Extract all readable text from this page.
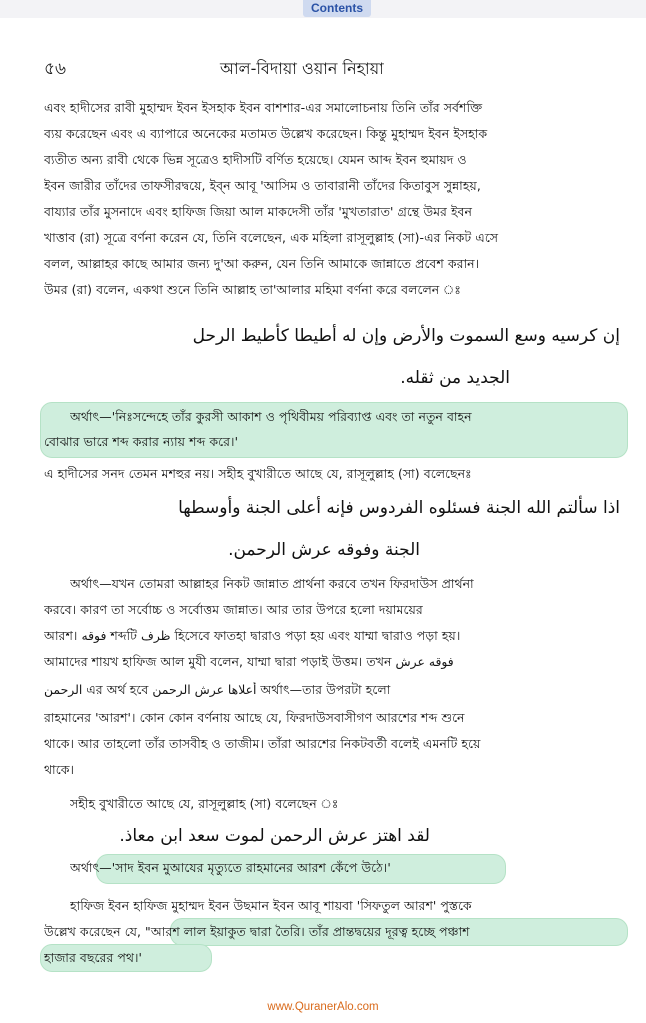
Contents
৫৬	আল-বিদায়া ওয়ান নিহায়া
এবং হাদীসের রাবী মুহাম্মদ ইবন ইসহাক ইবন বাশশার-এর সমালোচনায় তিনি তাঁর সর্বশক্তি
ব্যয় করেছেন এবং এ ব্যাপারে অনেকের মতামত উল্লেখ করেছেন। কিন্তু মুহাম্মদ ইবন ইসহাক
ব্যতীত অন্য রাবী থেকে ভিন্ন সূত্রেও হাদীসটি বর্ণিত হয়েছে। যেমন আব্দ ইবন হুমায়দ ও
ইবন জারীর তাঁদের তাফসীরদ্বয়ে, ইব্ন আবূ 'আসিম ও তাবারানী তাঁদের কিতাবুস সুন্নাহয়,
বায্যার তাঁর মুসনাদে এবং হাফিজ জিয়া আল মাকদেসী তাঁর 'মুখতারাত' গ্রন্থে উমর ইবন
খাত্তাব (রা) সূত্রে বর্ণনা করেন যে, তিনি বলেছেন, এক মহিলা রাসূলুল্লাহ (সা)-এর নিকট এসে
বলল, আল্লাহর কাছে আমার জন্য দু'আ করুন, যেন তিনি আমাকে জান্নাতে প্রবেশ করান।
উমর (রা) বলেন, একথা শুনে তিনি আল্লাহ তা'আলার মহিমা বর্ণনা করে বললেন ঃ
إن كرسيه وسع السموت والأرض وإن له أطيطا كأطيط الرحل
الجديد من ثقله.
অর্থাৎ—'নিঃসন্দেহে তাঁর কুরসী আকাশ ও পৃথিবীময় পরিব্যাপ্ত এবং তা নতুন বাহন
বোঝার ভারে শব্দ করার ন্যায় শব্দ করে।'
এ হাদীসের সনদ তেমন মশহুর নয়। সহীহ বুখারীতে আছে যে, রাসূলুল্লাহ (সা) বলেছেনঃ
اذا سألتم الله الجنة فسئلوه الفردوس فإنه أعلى الجنة وأوسطها
الجنة وفوقه عرش الرحمن.
অর্থাৎ—যখন তোমরা আল্লাহর নিকট জান্নাত প্রার্থনা করবে তখন ফিরদাউস প্রার্থনা
করবে। কারণ তা সর্বোচ্চ ও সর্বোত্তম জান্নাত। আর তার উপরে হলো দয়াময়ের
আরশ। فوقه শব্দটি ظرف হিসেবে ফাতহা দ্বারাও পড়া হয় এবং যাম্মা দ্বারাও পড়া হয়।
আমাদের শায়খ হাফিজ আল মুযী বলেন, যাম্মা দ্বারা পড়াই উত্তম। তখন فوقه عرش
الرحمن এর অর্থ হবে أعلاها عرش الرحمن অর্থাৎ—তার উপরটা হলো
রাহমানের 'আরশ'। কোন কোন বর্ণনায় আছে যে, ফিরদাউসবাসীগণ আরশের শব্দ শুনে
থাকে। আর তাহলো তাঁর তাসবীহ ও তাজীম। তাঁরা আরশের নিকটবর্তী বলেই এমনটি হয়ে
থাকে।
সহীহ বুখারীতে আছে যে, রাসূলুল্লাহ (সা) বলেছেন ঃ
لقد اهتز عرش الرحمن لموت سعد ابن معاذ.
অর্থাৎ—'সাদ ইবন মুআযের মৃত্যুতে রাহমানের আরশ কেঁপে উঠে।'
হাফিজ ইবন হাফিজ মুহাম্মদ ইবন উছমান ইবন আবূ শায়বা 'সিফতুল আরশ' পুস্তকে
উল্লেখ করেছেন যে, "আরশ লাল ইয়াকুত দ্বারা তৈরি। তাঁর প্রান্তদ্বয়ের দূরত্ব হচ্ছে পঞ্চাশ
হাজার বছরের পথ।'
www.QuranerAlo.com
